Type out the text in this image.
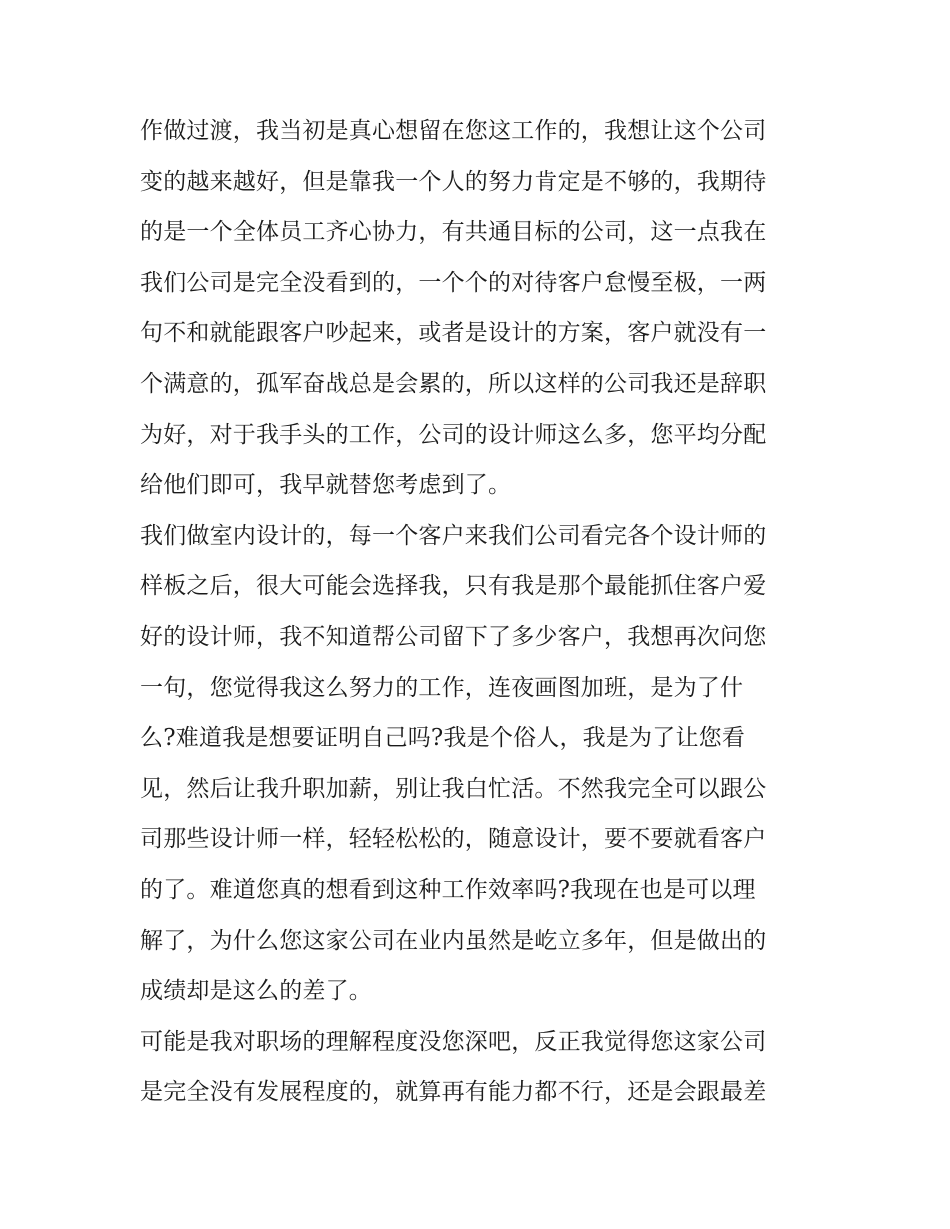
作做过渡，我当初是真心想留在您这工作的，我想让这个公司
变的越来越好，但是靠我一个人的努力肯定是不够的，我期待
的是一个全体员工齐心协力，有共通目标的公司，这一点我在
我们公司是完全没看到的，一个个的对待客户怠慢至极，一两
句不和就能跟客户吵起来，或者是设计的方案，客户就没有一
个满意的，孤军奋战总是会累的，所以这样的公司我还是辞职
为好，对于我手头的工作，公司的设计师这么多，您平均分配
给他们即可，我早就替您考虑到了。
我们做室内设计的，每一个客户来我们公司看完各个设计师的
样板之后，很大可能会选择我，只有我是那个最能抓住客户爱
好的设计师，我不知道帮公司留下了多少客户，我想再次问您
一句，您觉得我这么努力的工作，连夜画图加班，是为了什
么?难道我是想要证明自己吗?我是个俗人，我是为了让您看
见，然后让我升职加薪，别让我白忙活。不然我完全可以跟公
司那些设计师一样，轻轻松松的，随意设计，要不要就看客户
的了。难道您真的想看到这种工作效率吗?我现在也是可以理
解了，为什么您这家公司在业内虽然是屹立多年，但是做出的
成绩却是这么的差了。
可能是我对职场的理解程度没您深吧，反正我觉得您这家公司
是完全没有发展程度的，就算再有能力都不行，还是会跟最差
